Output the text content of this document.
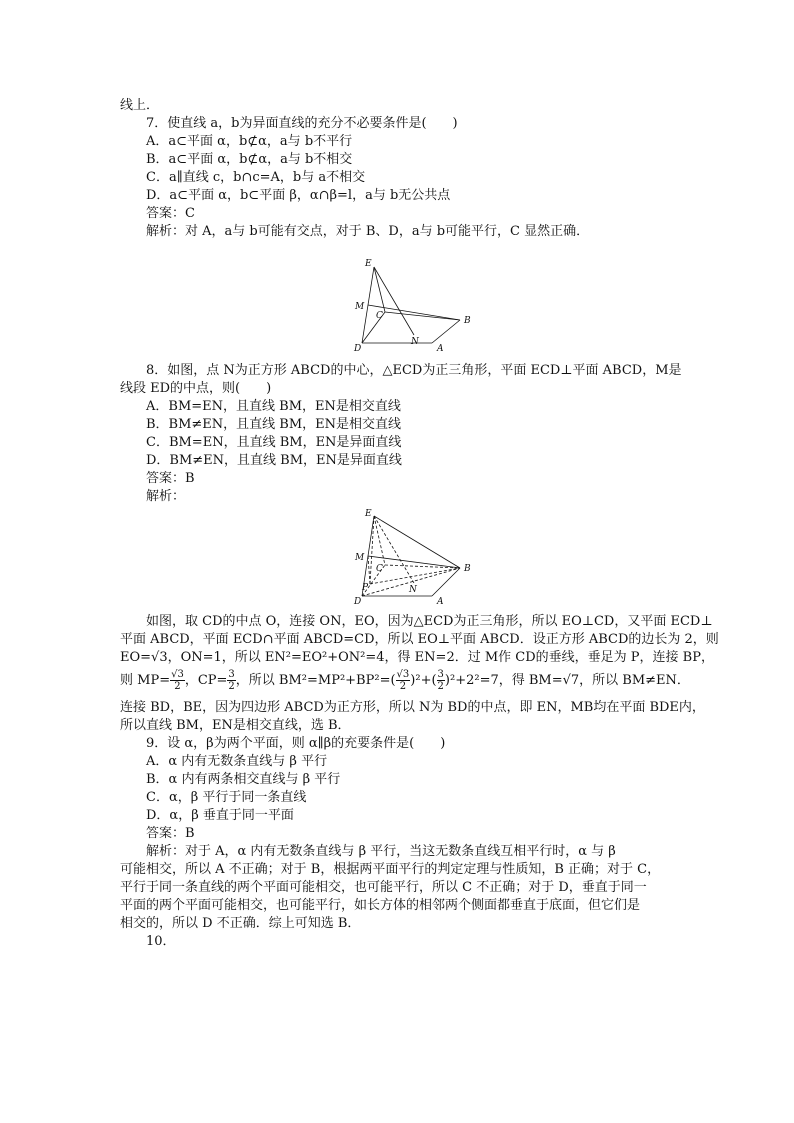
线上．
7．使直线 a，b为异面直线的充分不必要条件是(　　)
A．a⊂平面 α，b⊄α，a与 b不平行
B．a⊂平面 α，b⊄α，a与 b不相交
C．a∥直线 c，b∩c=A，b与 a不相交
D．a⊂平面 α，b⊂平面 β，α∩β=l，a与 b无公共点
答案：C
解析：对 A，a与 b可能有交点，对于 B、D，a与 b可能平行，C 显然正确．
E
M
C
N
B
D	A
8．如图，点 N为正方形 ABCD的中心，△ECD为正三角形，平面 ECD⊥平面 ABCD，M是
线段 ED的中点，则(　　)
A．BM=EN，且直线 BM，EN是相交直线
B．BM≠EN，且直线 BM，EN是相交直线
C．BM=EN，且直线 BM，EN是异面直线
D．BM≠EN，且直线 BM，EN是异面直线
答案：B
解析：
E
M
C
N
B
D	A
P
如图，取 CD的中点 O，连接 ON，EO，因为△ECD为正三角形，所以 EO⊥CD，又平面 ECD⊥
平面 ABCD，平面 ECD∩平面 ABCD=CD，所以 EO⊥平面 ABCD．设正方形 ABCD的边长为 2，则
EO=√3，ON=1，所以 EN²=EO²+ON²=4，得 EN=2．过 M作 CD的垂线，垂足为 P，连接 BP，
则 $MP= \frac{√3}{2}$ ，$CP= \frac{3}{2}$ ，所以 $BM^2=MP^2+BP^2=( \frac{√3}{2} )^2+( \frac{3}{2} )^2+2^2=7$，得 BM=√7，所以 BM≠EN．
连接 BD，BE，因为四边形 ABCD为正方形，所以 N为 BD的中点，即 EN，MB均在平面 BDE内，
所以直线 BM，EN是相交直线，选 B．
9．设 α，β为两个平面，则 α∥β的充要条件是(　　)
A．α 内有无数条直线与 β 平行
B．α 内有两条相交直线与 β 平行
C．α，β 平行于同一条直线
D．α，β 垂直于同一平面
答案：B
解析：对于 A，α 内有无数条直线与 β 平行，当这无数条直线互相平行时，α 与 β
可能相交，所以 A 不正确；对于 B，根据两平面平行的判定定理与性质知，B 正确；对于 C，
平行于同一条直线的两个平面可能相交，也可能平行，所以 C 不正确；对于 D，垂直于同一
平面的两个平面可能相交，也可能平行，如长方体的相邻两个侧面都垂直于底面，但它们是
相交的，所以 D 不正确．综上可知选 B．
10．
